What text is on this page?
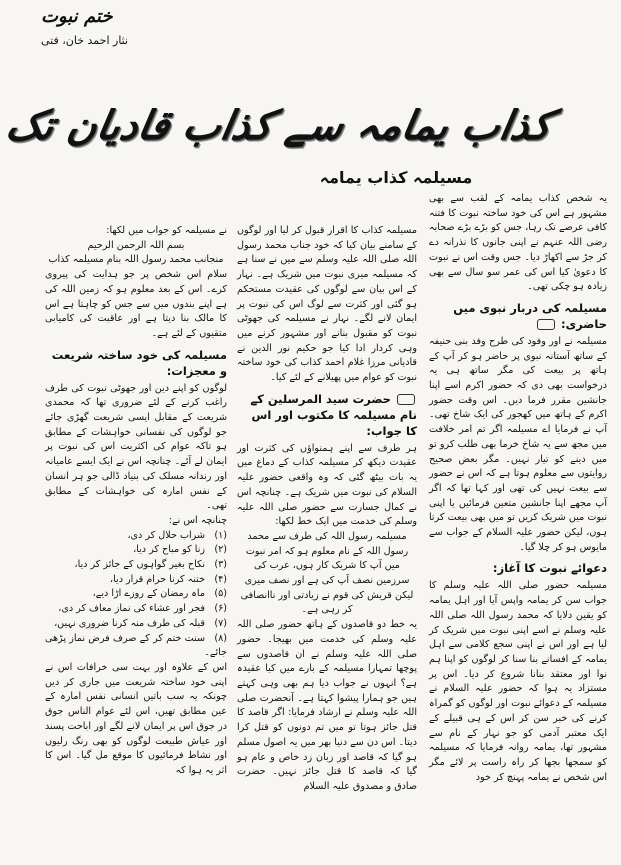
ختم نبوت
نثار احمد خان، فتی
کذاب یمامہ سے کذاب قادیان تک
مسیلمہ کذاب یمامہ

یہ شخص کذاب یمامہ کے لقب سے بھی مشہور ہے اس کی خود ساختہ نبوت کا فتنہ کافی عرصے تک رہا، جس کو بڑے بڑے صحابہ رضی اللہ عنہم نے اپنی جانوں کا نذرانہ دے کر جڑ سے اکھاڑ دیا۔ جس وقت اس نے نبوت کا دعویٰ کیا اس کی عمر سو سال سے بھی زیادہ ہو چکی تھی۔

مسیلمہ کی دربار نبوی میں حاضری:

مسیلمہ نے اور وفود کی طرح وفد بنی حنیفہ کے ساتھ آستانہ نبوی پر حاضر ہو کر آپ کے ہاتھ پر بیعت کی مگر ساتھ ہی یہ درخواست بھی دی کہ حضور اکرم اسے اپنا جانشین مقرر فرما دیں۔ اس وقت حضور اکرم کے ہاتھ میں کھجور کی ایک شاخ تھی۔ آپ نے فرمایا اے مسیلمہ اگر تم امر خلافت میں مجھ سے یہ شاخ خرما بھی طلب کرو تو میں دینے کو تیار نہیں۔ مگر بعض صحیح روایتوں سے معلوم ہوتا ہے کہ اس نے حضور سے بیعت نہیں کی تھی اور کہا تھا کہ اگر آپ مجھے اپنا جانشین متعین فرمائیں یا اپنی نبوت میں شریک کریں تو میں بھی بیعت کرتا ہوں، لیکن حضور علیہ السلام کے جواب سے مایوس ہو کر چلا گیا۔

دعوائے نبوت کا آغاز:

مسیلمہ حضور صلی اللہ علیہ وسلم کا جواب سن کر یمامہ واپس آیا اور اہل یمامہ کو یقین دلایا کہ محمد رسول اللہ صلی اللہ علیہ وسلم نے اسے اپنی نبوت میں شریک کر لیا ہے اور اس نے اپنی سجع کلامی سے اہل یمامہ کے افسانے بنا سنا کر لوگوں کو اپنا ہم نوا اور معتقد بنانا شروع کر دیا۔ اس پر مستزاد یہ ہوا کہ حضور علیہ السلام نے مسیلمہ کے دعوائے نبوت اور لوگوں کو گمراہ کرنے کی خبر سن کر اس کے ہی قبیلے کے ایک معتبر آدمی کو جو نہار کے نام سے مشہور تھا، یمامہ روانہ فرمایا کہ مسیلمہ کو سمجھا بجھا کر راہ راست پر لائے مگر اس شخص نے یمامہ پہنچ کر خود

مسیلمہ کذاب کا اقرار قبول کر لیا اور لوگوں کے سامنے بیان کیا کہ خود جناب محمد رسول اللہ صلی اللہ علیہ وسلم سے میں نے سنا ہے کہ مسیلمہ میری نبوت میں شریک ہے۔ نہار کے اس بیان سے لوگوں کی عقیدت مستحکم ہو گئی اور کثرت سے لوگ اس کی نبوت پر ایمان لانے لگے۔ نہار نے مسیلمہ کی جھوٹی نبوت کو مقبول بنانے اور مشہور کرنے میں وہی کردار ادا کیا جو حکیم نور الدین نے قادیانی مرزا غلام احمد کذاب کی خود ساختہ نبوت کو عوام میں پھیلانے کے لئے کیا۔

حضرت سید المرسلین کے نام مسیلمہ کا مکتوب اور اس کا جواب:

ہر طرف سے اپنے ہمنواؤں کی کثرت اور عقیدت دیکھ کر مسیلمہ کذاب کے دماغ میں یہ بات بیٹھ گئی کہ وہ واقعی حضور علیہ السلام کی نبوت میں شریک ہے۔ چنانچہ اس نے کمال جسارت سے حضور صلی اللہ علیہ وسلم کی خدمت میں ایک خط لکھا:

مسیلمہ رسول اللہ کی طرف سے محمد رسول اللہ کے نام معلوم ہو کہ امر نبوت میں آپ کا شریک کار ہوں، عرب کی سرزمین نصف آپ کی ہے اور نصف میری لیکن قریش کی قوم نے زیادتی اور ناانصافی کر رہی ہے۔

یہ خط دو قاصدوں کے ہاتھ حضور صلی اللہ علیہ وسلم کی خدمت میں بھیجا۔ حضور صلی اللہ علیہ وسلم نے ان قاصدوں سے پوچھا تمہارا مسیلمہ کے بارے میں کیا عقیدہ ہے؟ انہوں نے جواب دیا ہم بھی وہی کہتے ہیں جو ہمارا پیشوا کہتا ہے۔ آنحضرت صلی اللہ علیہ وسلم نے ارشاد فرمایا: اگر قاصد کا قتل جائز ہوتا تو میں تم دونوں کو قتل کرا دیتا۔ اس دن سے دنیا بھر میں یہ اصول مسلم ہو گیا کہ قاصد اور زبان زد خاص و عام ہو گیا کہ قاصد کا قتل جائز نہیں۔ حضرت صادق و مصدوق علیہ السلام

نے مسیلمہ کو جواب میں لکھا:

بسم اللہ الرحمن الرحیم

منجانب محمد رسول اللہ بنام مسیلمہ کذاب

سلام اس شخص پر جو ہدایت کی پیروی کرے۔ اس کے بعد معلوم ہو کہ زمین اللہ کی ہے اپنے بندوں میں سے جس کو چاہتا ہے اس کا مالک بنا دیتا ہے اور عاقبت کی کامیابی متقیوں کے لئے ہے۔

مسیلمہ کی خود ساختہ شریعت و معجزات:

لوگوں کو اپنے دین اور جھوٹی نبوت کی طرف راغب کرنے کے لئے ضروری تھا کہ محمدی شریعت کے مقابل ایسی شریعت گھڑی جائے جو لوگوں کی نفسانی خواہشات کے مطابق ہو تاکہ عوام کی اکثریت اس کی نبوت پر ایمان لے آئے۔ چنانچہ اس نے ایک ایسے عامیانہ اور رندانہ مسلک کی بنیاد ڈالی جو ہر انسان کے نفس امارہ کی خواہشات کے مطابق تھی۔

چنانچہ اس نے:

(۱)شراب حلال کر دی،
(۲)زنا کو مباح کر دیا،
(۳)نکاح بغیر گواہوں کے جائز کر دیا،
(۴)ختنہ کرنا حرام قرار دیا،
(۵)ماہ رمضان کے روزے اڑا دیے،
(۶)فجر اور عشاء کی نماز معاف کر دی،
(۷)قبلہ کی طرف منہ کرنا ضروری نہیں،
(۸)سنت ختم کر کے صرف فرض نماز پڑھی جائے۔

اس کے علاوہ اور بہت سی خرافات اس نے اپنی خود ساختہ شریعت میں جاری کر دیں چونکہ یہ سب باتیں انسانی نفس امارہ کے عین مطابق تھیں، اس لئے عوام الناس جوق در جوق اس پر ایمان لانے لگے اور اباحت پسند اور عیاش طبیعت لوگوں کو بھی رنگ رلیوں اور نشاط فرمائیوں کا موقع مل گیا۔ اس کا اثر یہ ہوا کہ
